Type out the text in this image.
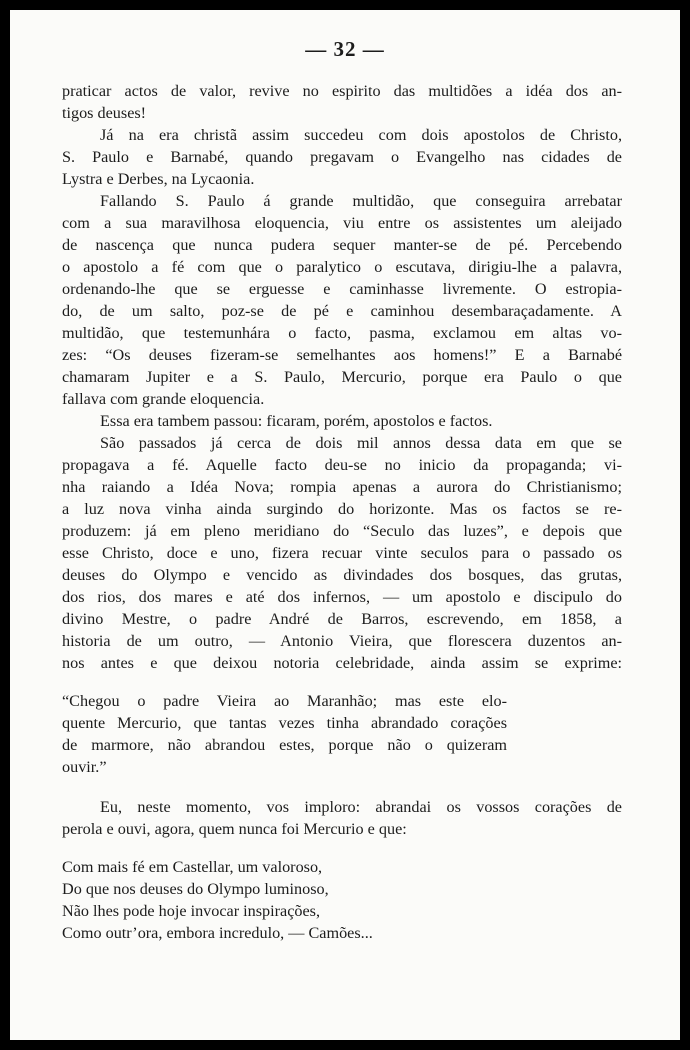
— 32 —

praticar actos de valor, revive no espirito das multidões a idéa dos an-
tigos deuses!

Já na era christã assim succedeu com dois apostolos de Christo,
S. Paulo e Barnabé, quando pregavam o Evangelho nas cidades de
Lystra e Derbes, na Lycaonia.

Fallando S. Paulo á grande multidão, que conseguira arrebatar
com a sua maravilhosa eloquencia, viu entre os assistentes um aleijado
de nascença que nunca pudera sequer manter-se de pé. Percebendo
o apostolo a fé com que o paralytico o escutava, dirigiu-lhe a palavra,
ordenando-lhe que se erguesse e caminhasse livremente. O estropia-
do, de um salto, poz-se de pé e caminhou desembaraçadamente. A
multidão, que testemunhára o facto, pasma, exclamou em altas vo-
zes: “Os deuses fizeram-se semelhantes aos homens!” E a Barnabé
chamaram Jupiter e a S. Paulo, Mercurio, porque era Paulo o que
fallava com grande eloquencia.

Essa era tambem passou: ficaram, porém, apostolos e factos.

São passados já cerca de dois mil annos dessa data em que se
propagava a fé. Aquelle facto deu-se no inicio da propaganda; vi-
nha raiando a Idéa Nova; rompia apenas a aurora do Christianismo;
a luz nova vinha ainda surgindo do horizonte. Mas os factos se re-
produzem: já em pleno meridiano do “Seculo das luzes”, e depois que
esse Christo, doce e uno, fizera recuar vinte seculos para o passado os
deuses do Olympo e vencido as divindades dos bosques, das grutas,
dos rios, dos mares e até dos infernos, — um apostolo e discipulo do
divino Mestre, o padre André de Barros, escrevendo, em 1858, a
historia de um outro, — Antonio Vieira, que florescera duzentos an-
nos antes e que deixou notoria celebridade, ainda assim se exprime:

“Chegou o padre Vieira ao Maranhão; mas este elo-
quente Mercurio, que tantas vezes tinha abrandado corações
de marmore, não abrandou estes, porque não o quizeram
ouvir.”

Eu, neste momento, vos imploro: abrandai os vossos corações de
perola e ouvi, agora, quem nunca foi Mercurio e que:

Com mais fé em Castellar, um valoroso,
Do que nos deuses do Olympo luminoso,
Não lhes pode hoje invocar inspirações,
Como outr’ora, embora incredulo, — Camões...
